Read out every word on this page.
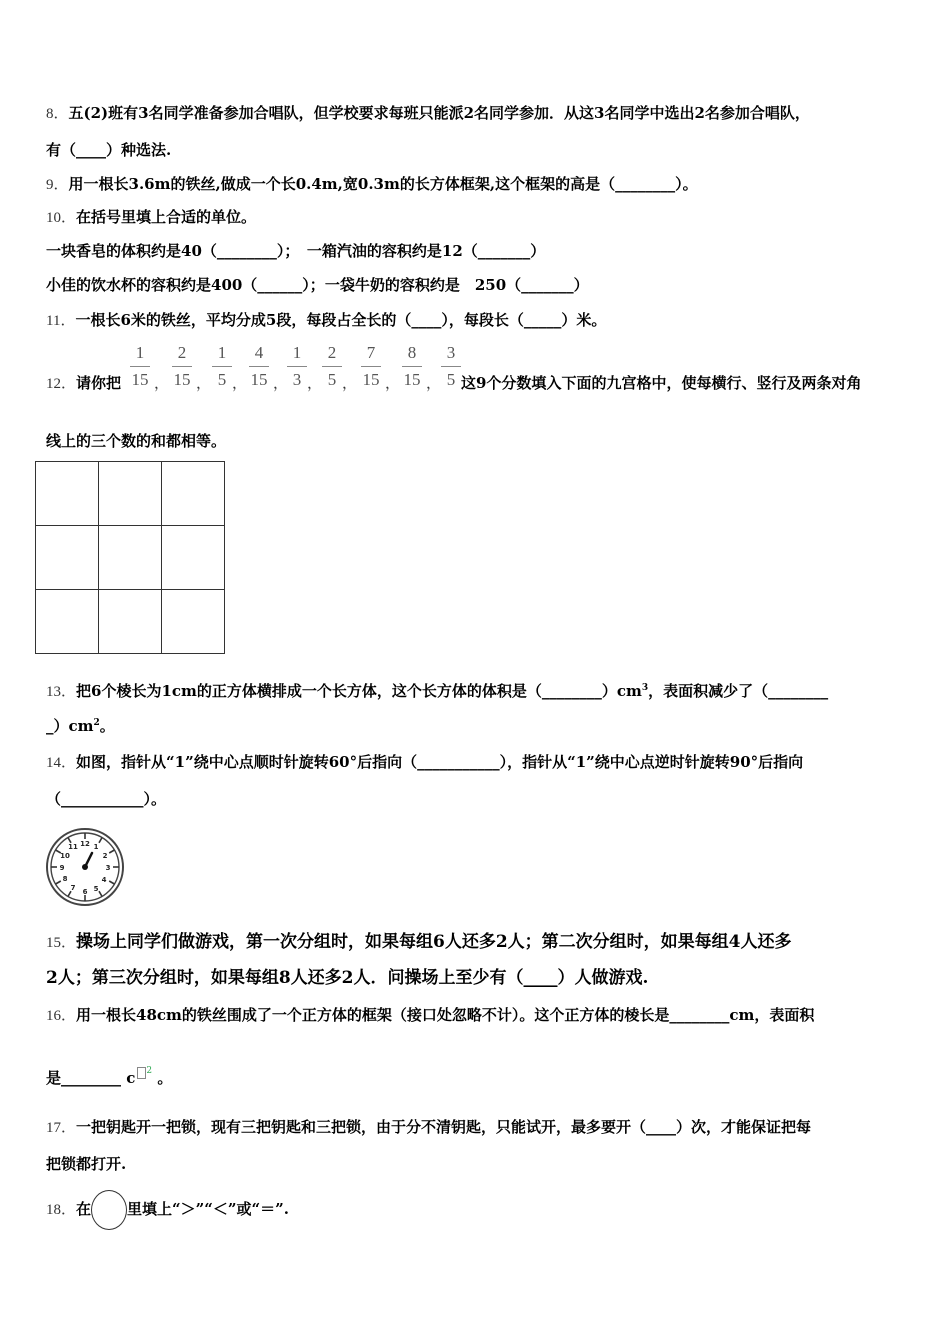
8．五(2)班有3名同学准备参加合唱队，但学校要求每班只能派2名同学参加．从这3名同学中选出2名参加合唱队，
有（____）种选法.
9．用一根长3.6m的铁丝,做成一个长0.4m,宽0.3m的长方体框架,这个框架的高是（________）。
10．在括号里填上合适的单位。
一块香皂的体积约是40（________）；　一箱汽油的容积约是12（_______）
小佳的饮水杯的容积约是400（______）；一袋牛奶的容积约是　250（_______）
11．一根长6米的铁丝，平均分成5段，每段占全长的（____），每段长（_____）米。
12．请你把
1
15 ，
2
15 ，
1
5 ，
4
15 ，
1
3 ，
2
5 ，
7
15 ，
8
15 ，
3
5 这9个分数填入下面的九宫格中，使每横行、竖行及两条对角
线上的三个数的和都相等。

13．把6个棱长为1cm的正方体横排成一个长方体，这个长方体的体积是$(\_\_\_\_\_\_\_\_)cm^3$，表面积减少了（________
$\_)cm^2$。
14．如图，指针从“1”绕中心点顺时针旋转60°后指向（___________），指针从“1”绕中心点逆时针旋转90°后指向
（___________）。
12 1
2
3
4
5
6
7
8
9
10
11
15．操场上同学们做游戏，第一次分组时，如果每组6人还多2人；第二次分组时，如果每组4人还多
2人；第三次分组时，如果每组8人还多2人．问操场上至少有（____）人做游戏.
16．用一根长48cm的铁丝围成了一个正方体的框架（接口处忽略不计）。这个正方体的棱长是________cm，表面积
是________ c $^2$ 。
17．一把钥匙开一把锁，现有三把钥匙和三把锁，由于分不清钥匙，只能试开，最多要开（____）次，才能保证把每
把锁都打开.
18．在 里填上“＞”“＜”或“＝”.
